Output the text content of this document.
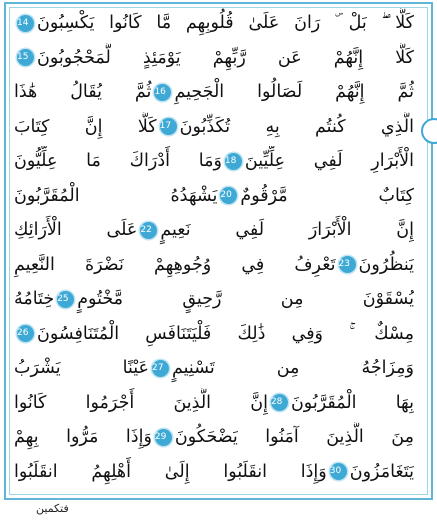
كَلَّا ۖ بَلْ ۜ رَانَ عَلَىٰ قُلُوبِهِم مَّا كَانُوا يَكْسِبُونَ14
كَلَّا إِنَّهُمْ عَن رَّبِّهِمْ يَوْمَئِذٍ لَّمَحْجُوبُونَ15
ثُمَّ إِنَّهُمْ لَصَالُوا الْجَحِيمِ16ثُمَّ يُقَالُ هَٰذَا
الَّذِي كُنتُم بِهِ تُكَذِّبُونَ17كَلَّا إِنَّ كِتَابَ
الْأَبْرَارِ لَفِي عِلِّيِّينَ18وَمَا أَدْرَاكَ مَا عِلِّيُّونَ
كِتَابٌ مَّرْقُومٌ20يَشْهَدُهُ الْمُقَرَّبُونَ
إِنَّ الْأَبْرَارَ لَفِي نَعِيمٍ22عَلَى الْأَرَائِكِ
يَنظُرُونَ23تَعْرِفُ فِي وُجُوهِهِمْ نَضْرَةَ النَّعِيمِ
يُسْقَوْنَ مِن رَّحِيقٍ مَّخْتُومٍ25خِتَامُهُ
مِسْكٌ ۚ وَفِي ذَٰلِكَ فَلْيَتَنَافَسِ الْمُتَنَافِسُونَ26
وَمِزَاجُهُ مِن تَسْنِيمٍ27عَيْنًا يَشْرَبُ
بِهَا الْمُقَرَّبُونَ28إِنَّ الَّذِينَ أَجْرَمُوا كَانُوا
مِنَ الَّذِينَ آمَنُوا يَضْحَكُونَ29وَإِذَا مَرُّوا بِهِمْ
يَتَغَامَزُونَ30وَإِذَا انقَلَبُوا إِلَىٰ أَهْلِهِمُ انقَلَبُوا
فتكمين
